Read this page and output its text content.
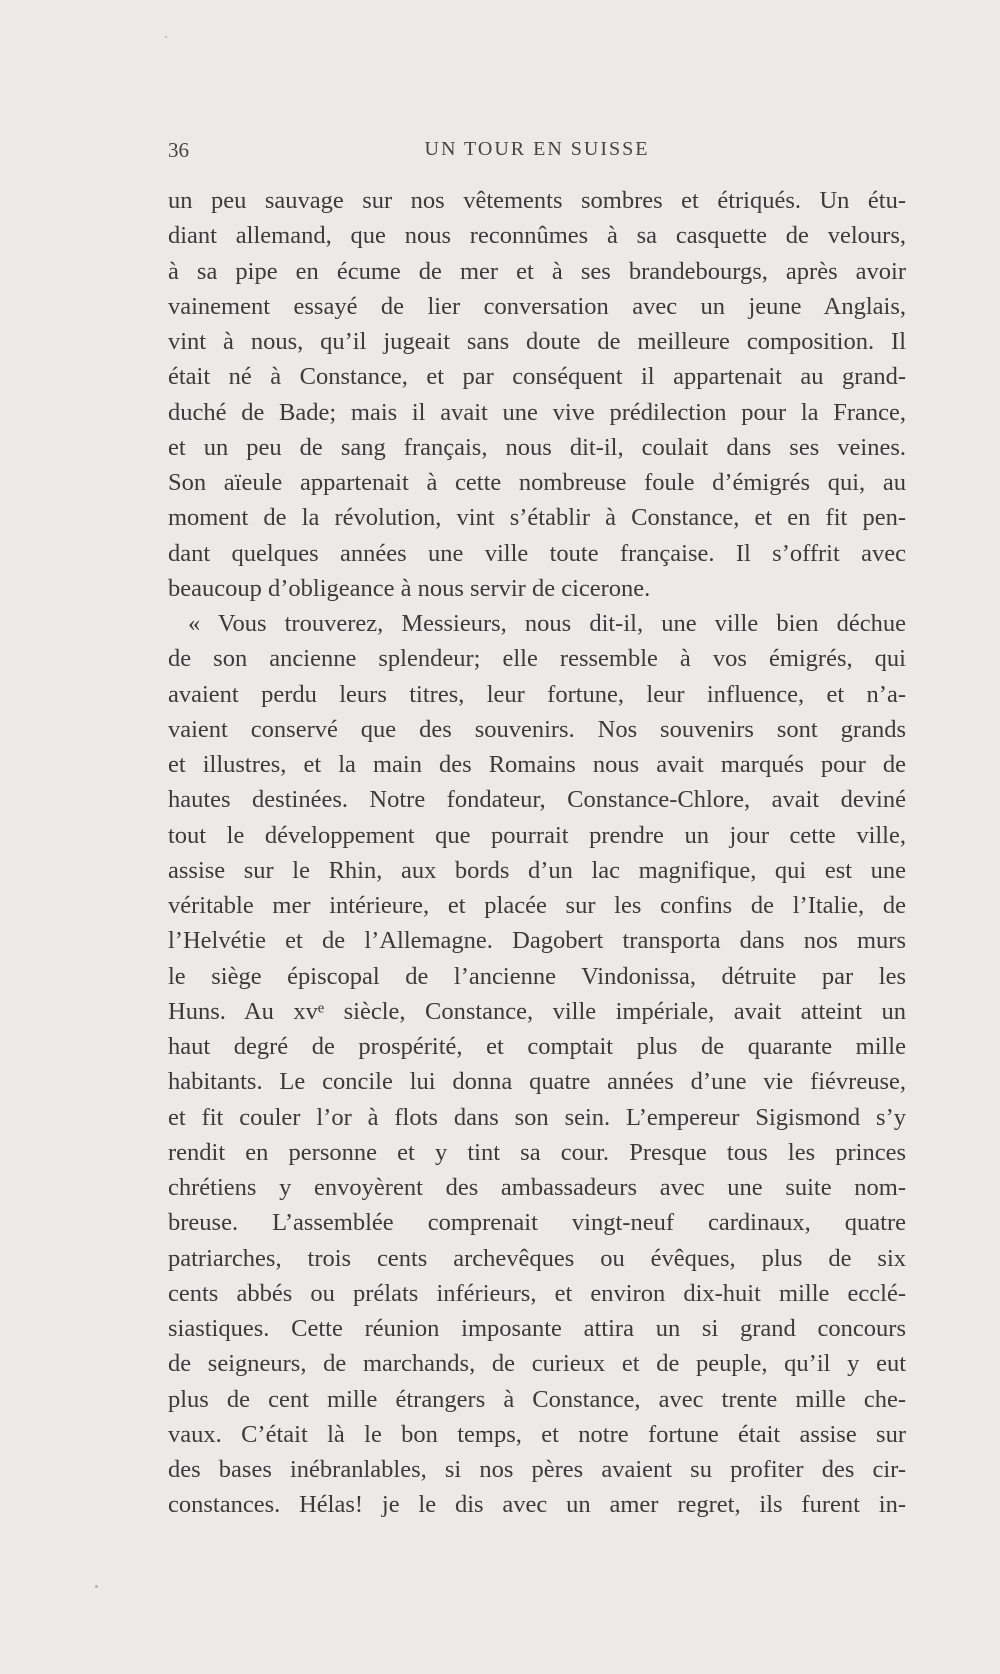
36	UN TOUR EN SUISSE
un peu sauvage sur nos vêtements sombres et étriqués. Un étu-
diant allemand, que nous reconnûmes à sa casquette de velours,
à sa pipe en écume de mer et à ses brandebourgs, après avoir
vainement essayé de lier conversation avec un jeune Anglais,
vint à nous, qu’il jugeait sans doute de meilleure composition. Il
était né à Constance, et par conséquent il appartenait au grand-
duché de Bade; mais il avait une vive prédilection pour la France,
et un peu de sang français, nous dit-il, coulait dans ses veines.
Son aïeule appartenait à cette nombreuse foule d’émigrés qui, au
moment de la révolution, vint s’établir à Constance, et en fit pen-
dant quelques années une ville toute française. Il s’offrit avec
beaucoup d’obligeance à nous servir de cicerone.
« Vous trouverez, Messieurs, nous dit-il, une ville bien déchue
de son ancienne splendeur; elle ressemble à vos émigrés, qui
avaient perdu leurs titres, leur fortune, leur influence, et n’a-
vaient conservé que des souvenirs. Nos souvenirs sont grands
et illustres, et la main des Romains nous avait marqués pour de
hautes destinées. Notre fondateur, Constance-Chlore, avait deviné
tout le développement que pourrait prendre un jour cette ville,
assise sur le Rhin, aux bords d’un lac magnifique, qui est une
véritable mer intérieure, et placée sur les confins de l’Italie, de
l’Helvétie et de l’Allemagne. Dagobert transporta dans nos murs
le siège épiscopal de l’ancienne Vindonissa, détruite par les
Huns. Au xvᵉ siècle, Constance, ville impériale, avait atteint un
haut degré de prospérité, et comptait plus de quarante mille
habitants. Le concile lui donna quatre années d’une vie fiévreuse,
et fit couler l’or à flots dans son sein. L’empereur Sigismond s’y
rendit en personne et y tint sa cour. Presque tous les princes
chrétiens y envoyèrent des ambassadeurs avec une suite nom-
breuse. L’assemblée comprenait vingt-neuf cardinaux, quatre
patriarches, trois cents archevêques ou évêques, plus de six
cents abbés ou prélats inférieurs, et environ dix-huit mille ecclé-
siastiques. Cette réunion imposante attira un si grand concours
de seigneurs, de marchands, de curieux et de peuple, qu’il y eut
plus de cent mille étrangers à Constance, avec trente mille che-
vaux. C’était là le bon temps, et notre fortune était assise sur
des bases inébranlables, si nos pères avaient su profiter des cir-
constances. Hélas! je le dis avec un amer regret, ils furent in-
